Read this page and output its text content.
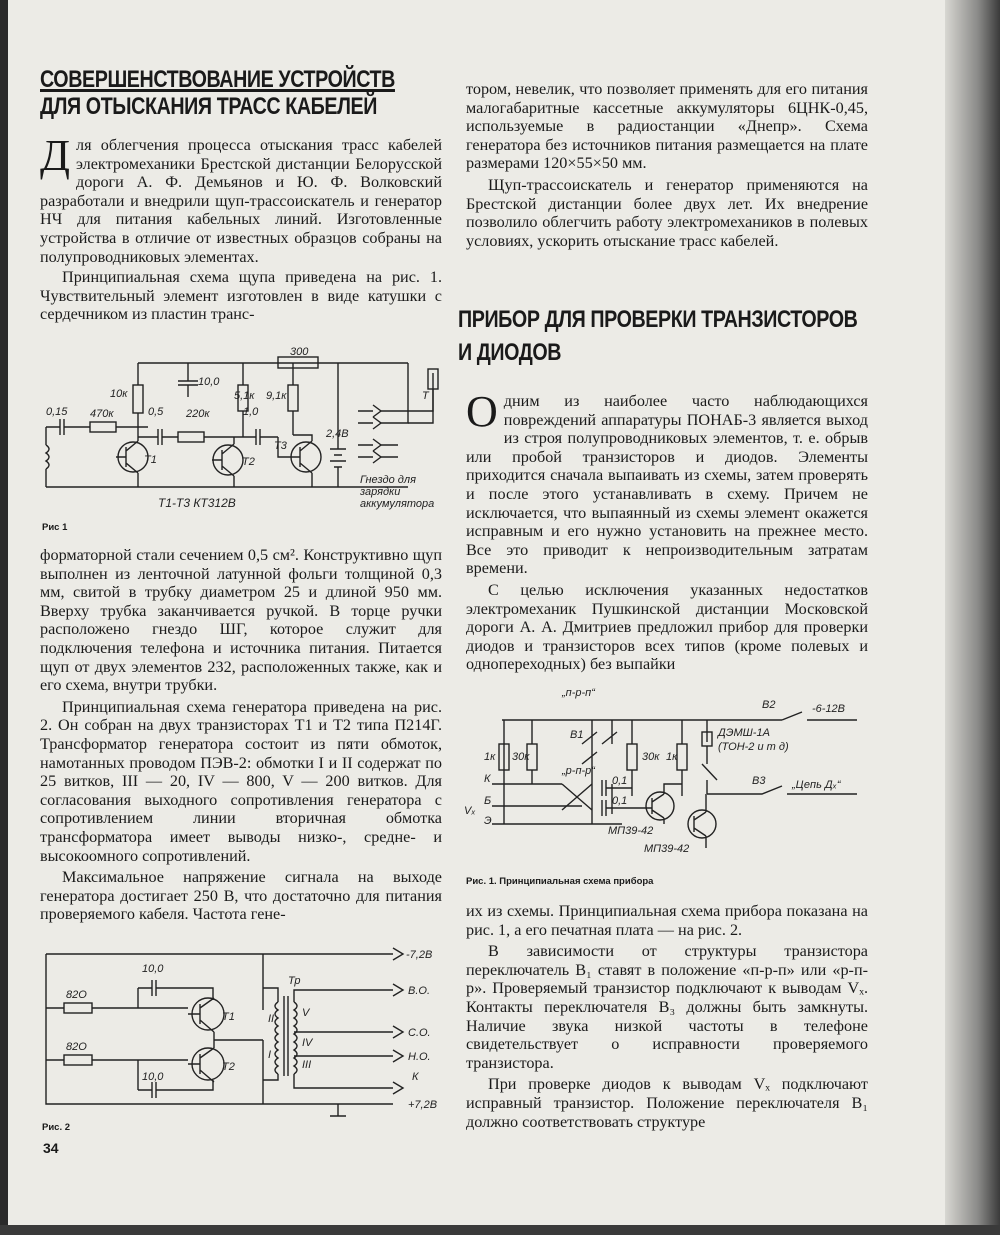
СОВЕРШЕНСТВОВАНИЕ УСТРОЙСТВ
ДЛЯ ОТЫСКАНИЯ ТРАСС КАБЕЛЕЙ

Для облегчения процесса отыскания трасс кабелей электромеханики Брестской дистанции Белорусской дороги А. Ф. Демьянов и Ю. Ф. Волковский разработали и внедрили щуп-трассоискатель и генератор НЧ для питания кабельных линий. Изготовленные устройства в отличие от известных образцов собраны на полупроводниковых элементах.

Принципиальная схема щупа приведена на рис. 1. Чувствительный элемент изготовлен в виде катушки с сердечником из пластин транс-

300
10,0
10к	5,1к 9,1к
0,15 470к	0,5 220к	1,0
2,4В
Т1	Т2
Т3
Т
Т1-Т3 КТ312В
Гнездо для
зарядки
аккумулятора
Рис 1

форматорной стали сечением 0,5 см². Конструктивно щуп выполнен из ленточной латунной фольги толщиной 0,3 мм, свитой в трубку диаметром 25 и длиной 950 мм. Вверху трубка заканчивается ручкой. В торце ручки расположено гнездо ШГ, которое служит для подключения телефона и источника питания. Питается щуп от двух элементов 232, расположенных также, как и его схема, внутри трубки.

Принципиальная схема генератора приведена на рис. 2. Он собран на двух транзисторах Т1 и Т2 типа П214Г. Трансформатор генератора состоит из пяти обмоток, намотанных проводом ПЭВ-2: обмотки I и II содержат по 25 витков, III — 20, IV — 800, V — 200 витков. Для согласования выходного сопротивления генератора с сопротивлением линии вторичная обмотка трансформатора имеет выводы низко-, средне- и высокоомного сопротивлений.

Максимальное напряжение сигнала на выходе генератора достигает 250 В, что достаточно для питания проверяемого кабеля. Частота гене-

10,0
10,0
82О
82О
Т1
Т2
Тр
I
II
III
IV
V
-7,2В
В.О.
С.О.
Н.О.
К
+7,2В
Рис. 2
34

тором, невелик, что позволяет применять для его питания малогабаритные кассетные аккумуляторы 6ЦНК-0,45, используемые в радиостанции «Днепр». Схема генератора без источников питания размещается на плате размерами 120×55×50 мм.

Щуп-трассоискатель и генератор применяются на Брестской дистанции более двух лет. Их внедрение позволило облегчить работу электромехаников в полевых условиях, ускорить отыскание трасс кабелей.

ПРИБОР ДЛЯ ПРОВЕРКИ ТРАНЗИСТОРОВ
И ДИОДОВ

Одним из наиболее часто наблюдающихся повреждений аппаратуры ПОНАБ-3 является выход из строя полупроводниковых элементов, т. е. обрыв или пробой транзисторов и диодов. Элементы приходится сначала выпаивать из схемы, затем проверять и после этого устанавливать в схему. Причем не исключается, что выпаянный из схемы элемент окажется исправным и его нужно установить на прежнее место. Все это приводит к непроизводительным затратам времени.

С целью исключения указанных недостатков электромеханик Пушкинской дистанции Московской дороги А. А. Дмитриев предложил прибор для проверки диодов и транзисторов всех типов (кроме полевых и однопереходных) без выпайки

„п-р-п“
„р-п-р“
В1
В2
В3
1к 30к	30к 1к
0,1
0,1
ДЭМШ-1А
(ТОН-2 и т д)
-6-12В
„Цепь Дₓ“
К
Б
Э
Vₓ
МП39-42
МП39-42
Рис. 1. Принципиальная схема прибора

их из схемы. Принципиальная схема прибора показана на рис. 1, а его печатная плата — на рис. 2.

В зависимости от структуры транзистора переключатель В₁ ставят в положение «п-р-п» или «р-п-р». Проверяемый транзистор подключают к выводам Vₓ. Контакты переключателя В₃ должны быть замкнуты. Наличие звука низкой частоты в телефоне свидетельствует о исправности проверяемого транзистора.

При проверке диодов к выводам Vₓ подключают исправный транзистор. Положение переключателя В₁ должно соответствовать структуре
